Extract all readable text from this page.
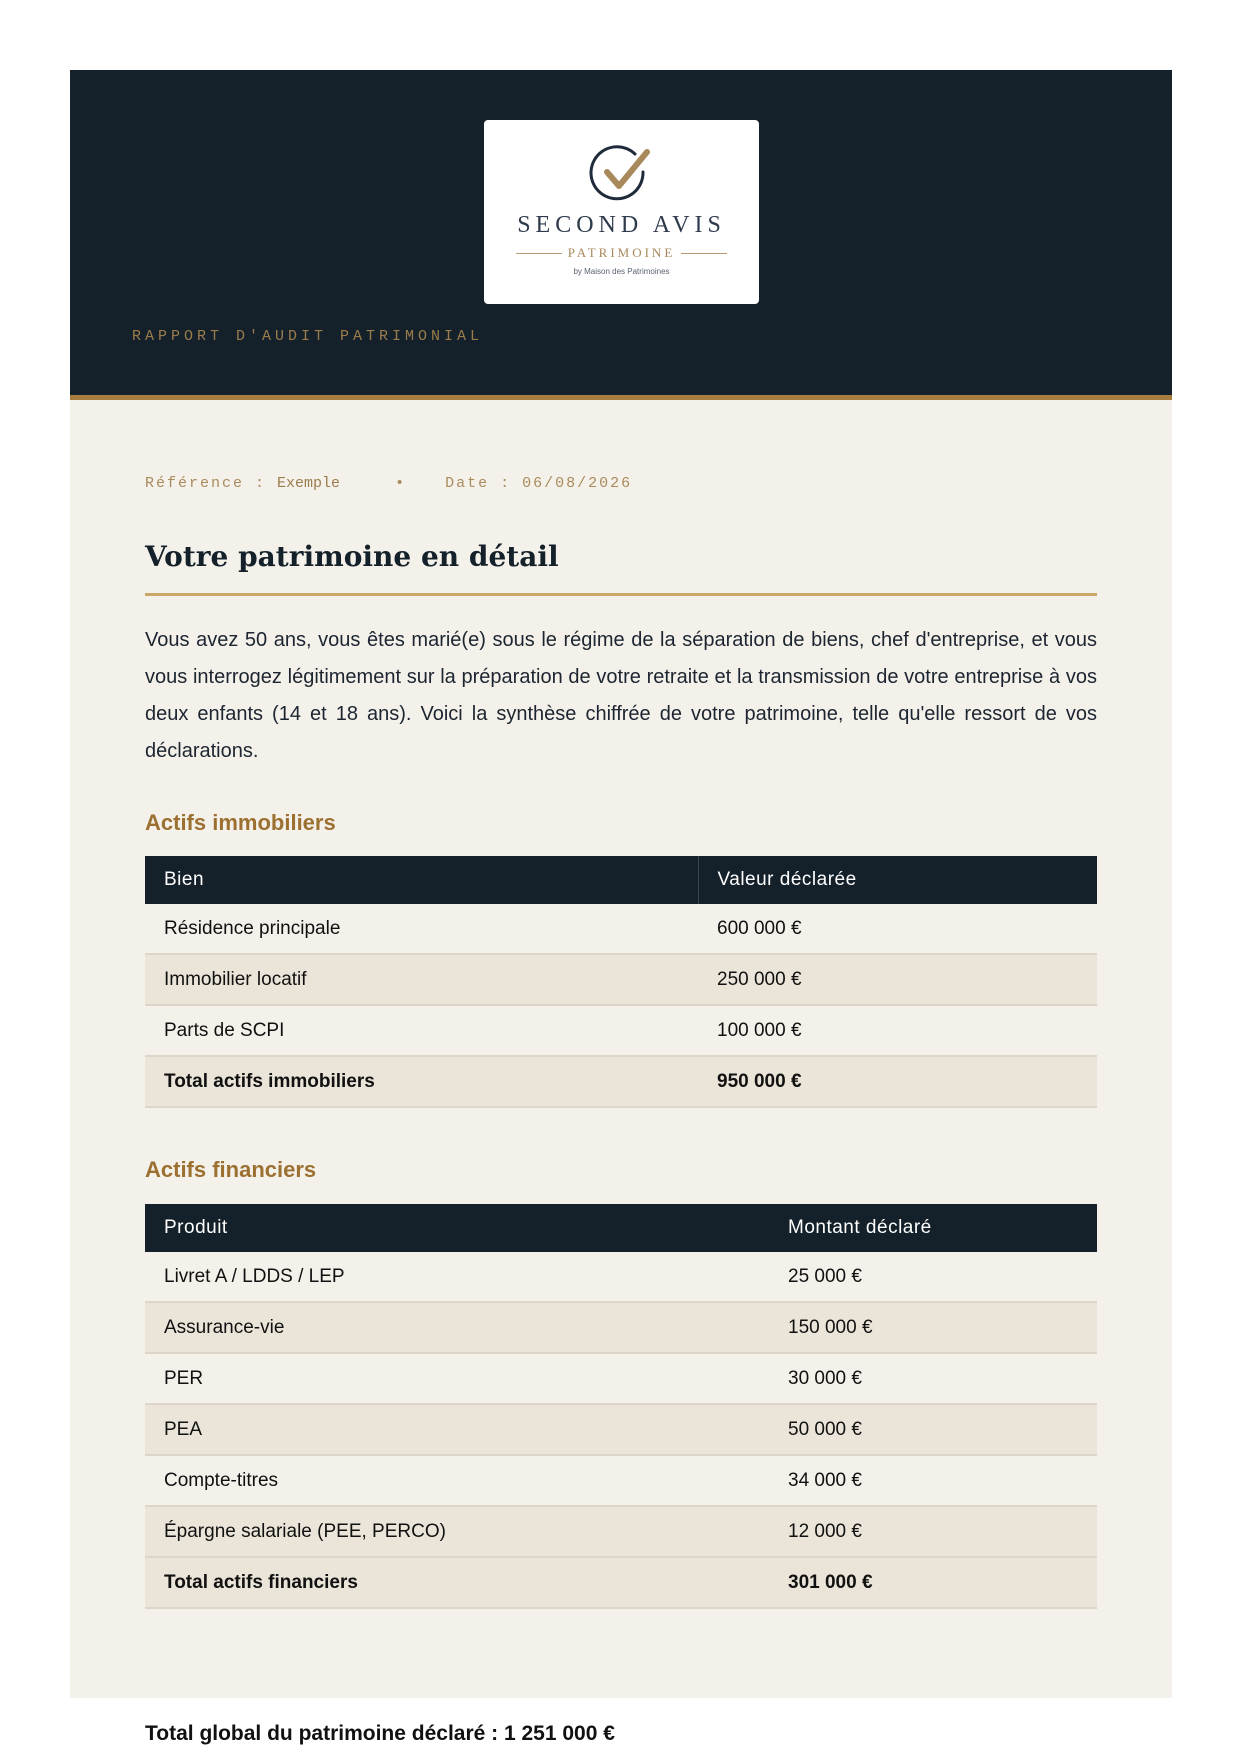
SECOND AVIS
PATRIMOINE
by Maison des Patrimoines
RAPPORT D'AUDIT PATRIMONIAL
Référence : Exemple	•	Date : 06/08/2026
Votre patrimoine en détail

Vous avez 50 ans, vous êtes marié(e) sous le régime de la séparation de biens, chef d'entreprise, et vous vous interrogez légitimement sur la préparation de votre retraite et la transmission de votre entreprise à vos deux enfants (14 et 18 ans). Voici la synthèse chiffrée de votre patrimoine, telle qu'elle ressort de vos déclarations.

Actifs immobiliers
Bien	Valeur déclarée
Résidence principale	600 000 €
Immobilier locatif	250 000 €
Parts de SCPI	100 000 €
Total actifs immobiliers	950 000 €
Actifs financiers
Produit	Montant déclaré
Livret A / LDDS / LEP	25 000 €
Assurance-vie	150 000 €
PER	30 000 €
PEA	50 000 €
Compte-titres	34 000 €
Épargne salariale (PEE, PERCO)	12 000 €
Total actifs financiers	301 000 €

Total global du patrimoine déclaré : 1 251 000 €
